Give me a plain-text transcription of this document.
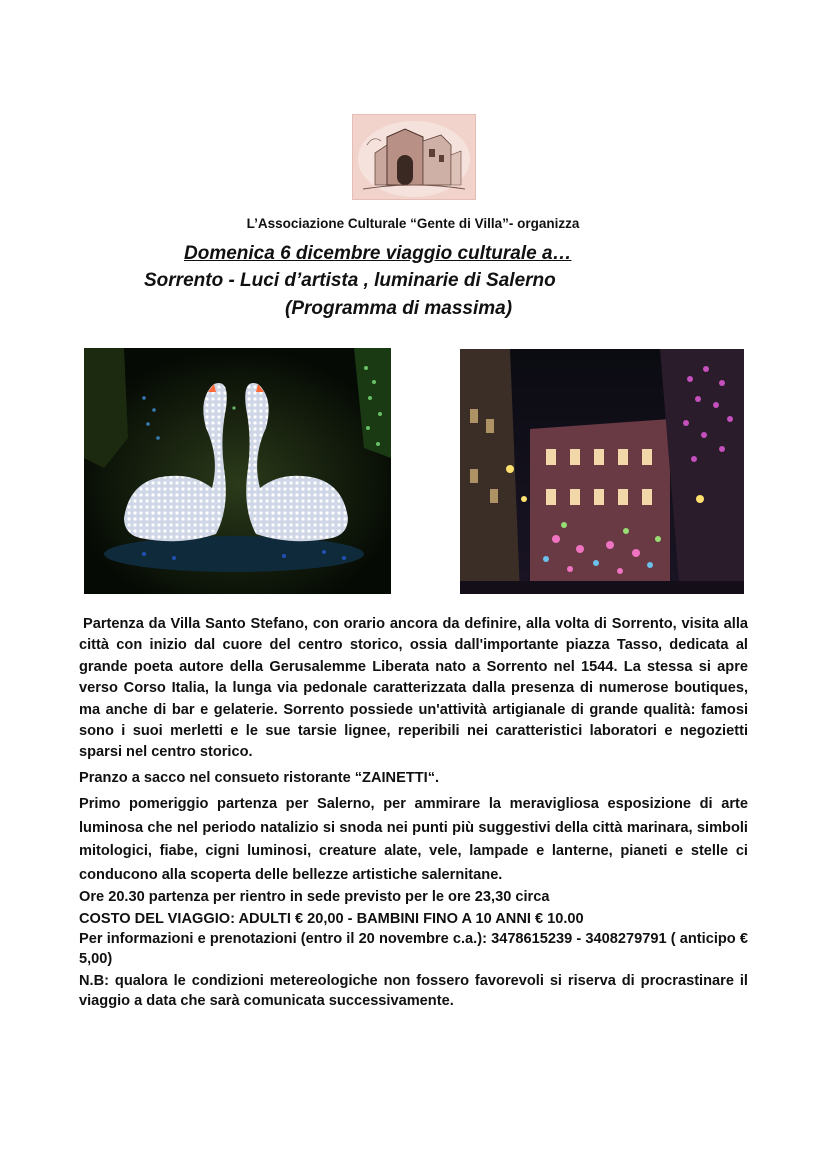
L’Associazione Culturale “Gente di Villa”- organizza
Domenica 6 dicembre viaggio culturale a…
Sorrento - Luci d’artista , luminarie di Salerno
(Programma di massima)

Partenza da Villa Santo Stefano, con orario ancora da definire, alla volta di Sorrento, visita alla città con inizio dal cuore del centro storico, ossia dall'importante piazza Tasso, dedicata al grande poeta autore della Gerusalemme Liberata nato a Sorrento nel 1544. La stessa si apre verso Corso Italia, la lunga via pedonale caratterizzata dalla presenza di numerose boutiques, ma anche di bar e gelaterie. Sorrento possiede un'attività artigianale di grande qualità: famosi sono i suoi merletti e le sue tarsie lignee, reperibili nei caratteristici laboratori e negozietti sparsi nel centro storico.

Pranzo a sacco nel consueto ristorante “ZAINETTI“.

Primo pomeriggio partenza per Salerno, per ammirare la meravigliosa esposizione di arte luminosa che nel periodo natalizio si snoda nei punti più suggestivi della città marinara, simboli mitologici, fiabe, cigni luminosi, creature alate, vele, lampade e lanterne, pianeti e stelle ci conducono alla scoperta delle bellezze artistiche salernitane.

Ore 20.30 partenza per rientro in sede previsto per le ore 23,30 circa

COSTO DEL VIAGGIO: ADULTI € 20,00 - BAMBINI FINO A 10 ANNI € 10.00

Per informazioni e prenotazioni (entro il 20 novembre c.a.): 3478615239 - 3408279791 ( anticipo € 5,00)

N.B: qualora le condizioni metereologiche non fossero favorevoli si riserva di procrastinare il viaggio a data che sarà comunicata successivamente.
